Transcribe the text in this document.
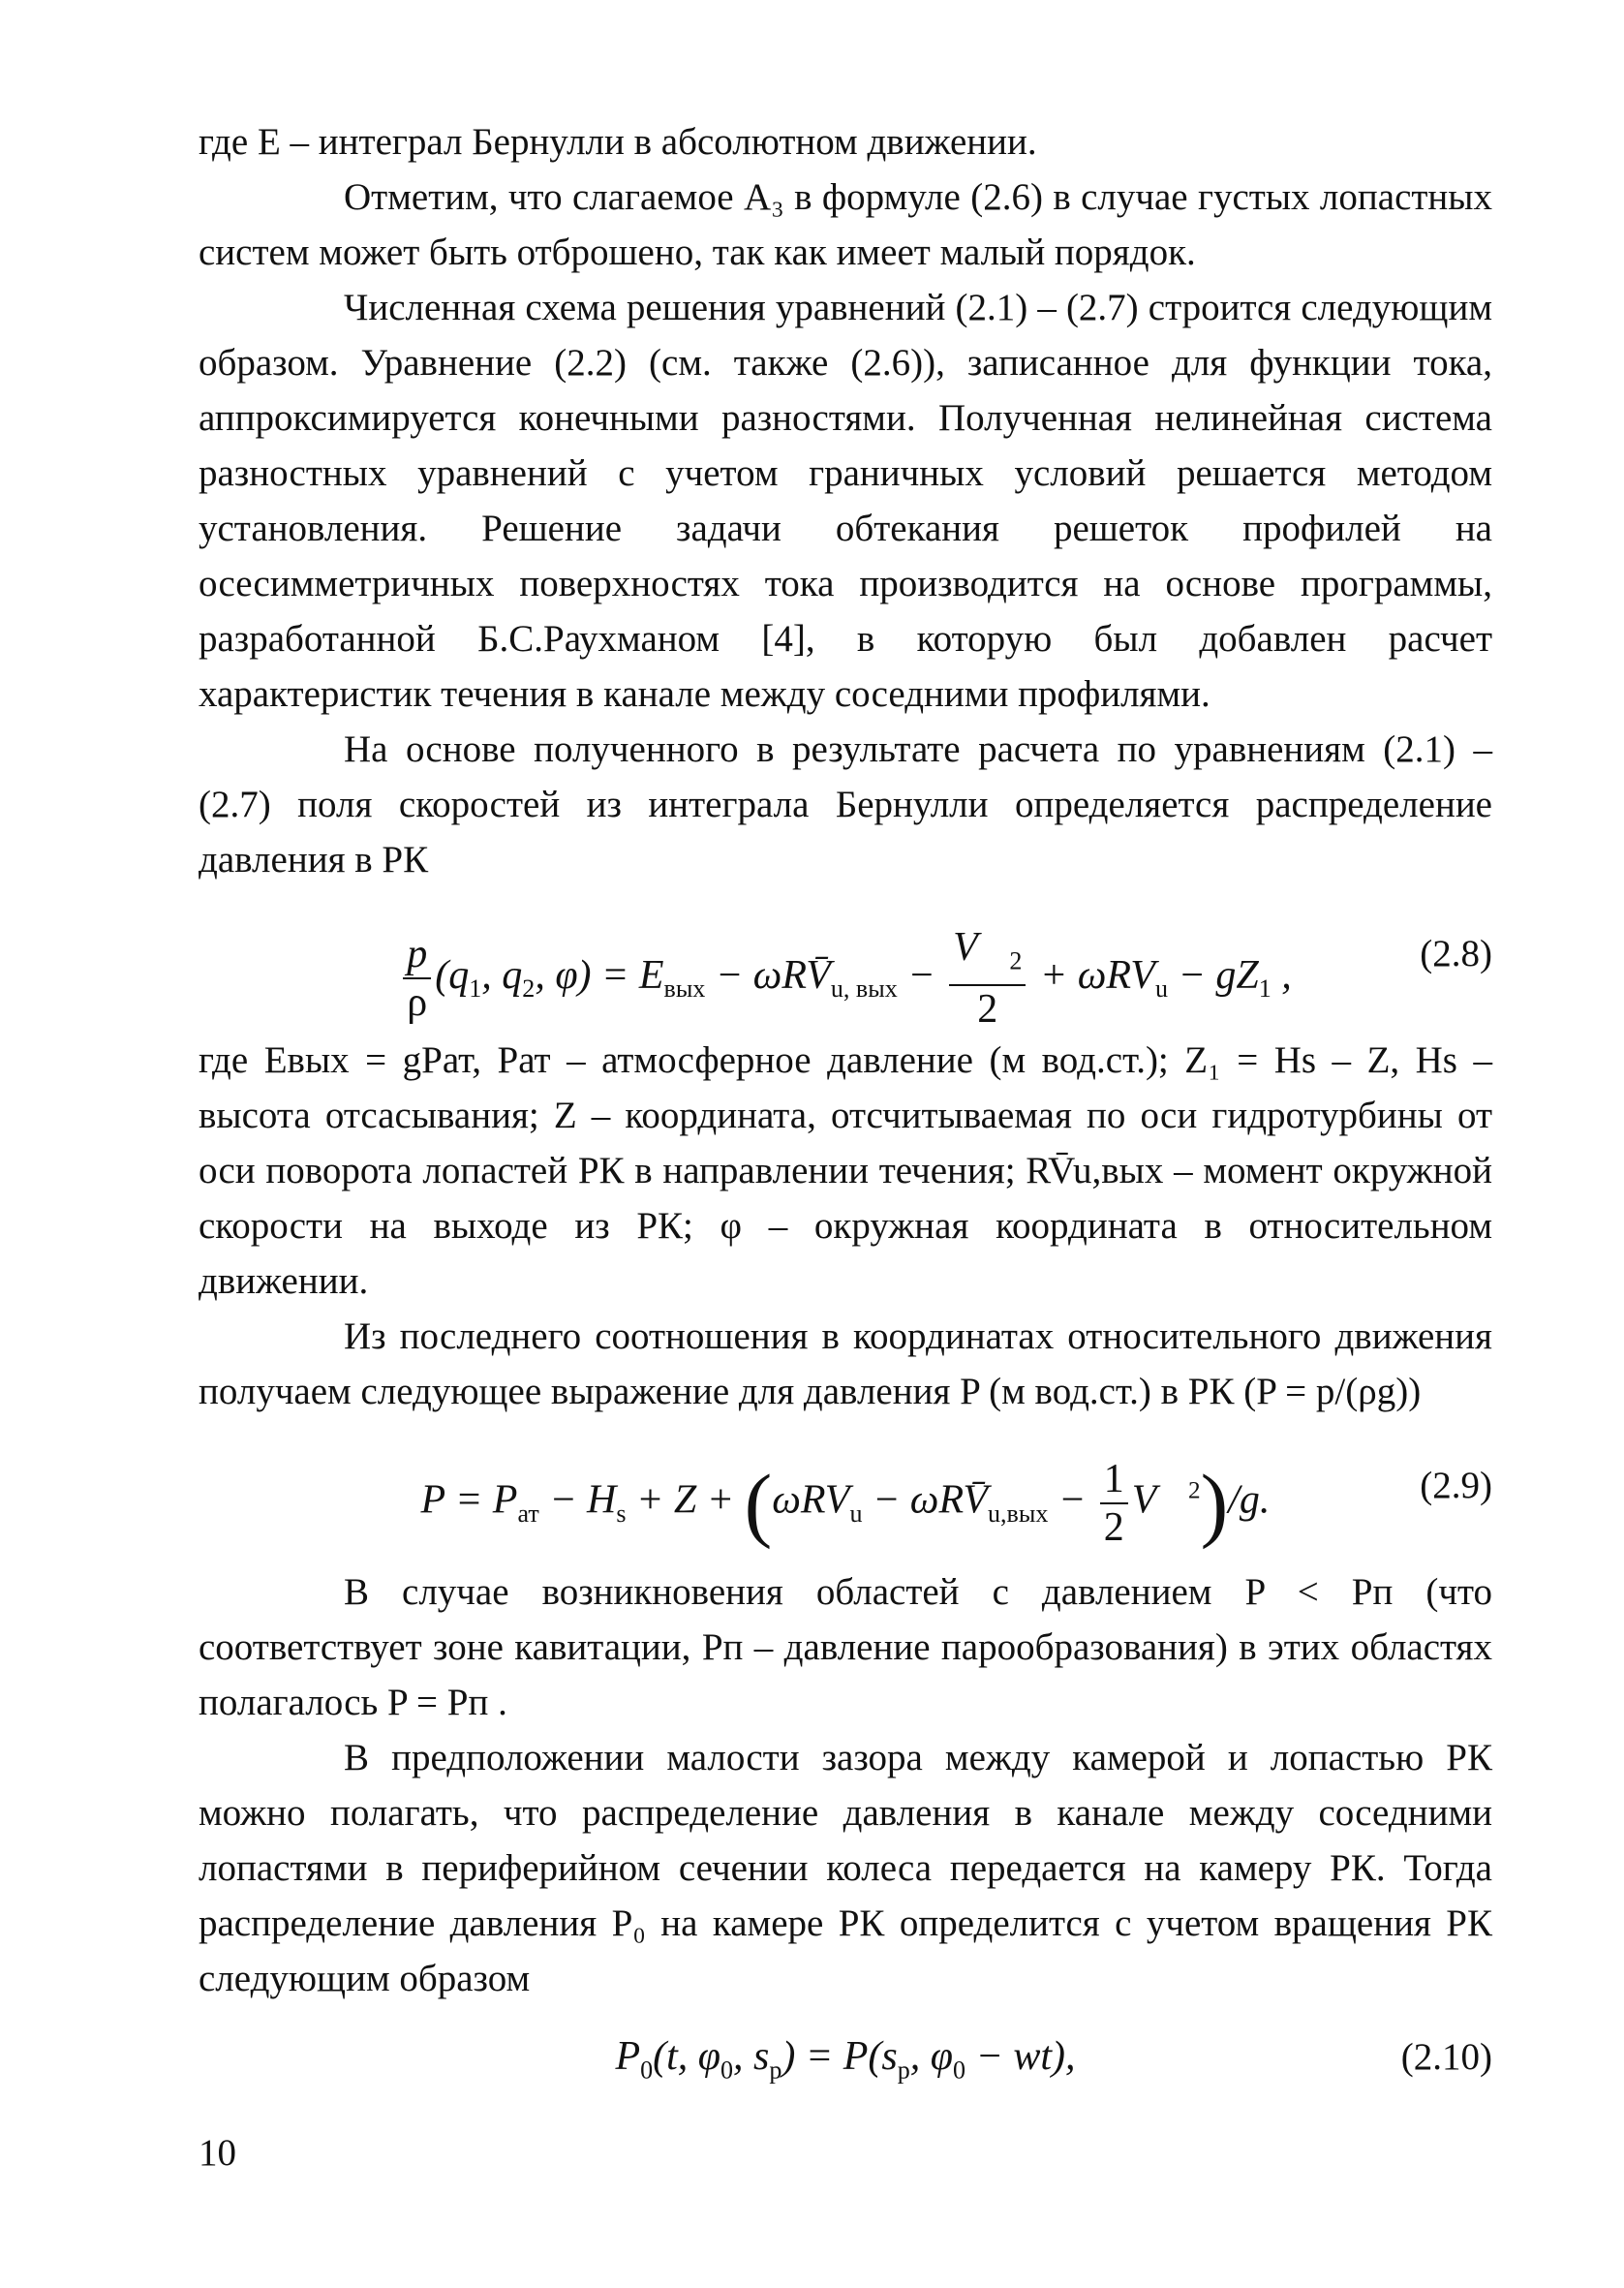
где E – интеграл Бернулли в абсолютном движении.

Отметим, что слагаемое A₃ в формуле (2.6) в случае густых лопастных систем может быть отброшено, так как имеет малый порядок.

Численная схема решения уравнений (2.1) – (2.7) строится следующим образом. Уравнение (2.2) (см. также (2.6)), записанное для функции тока, аппроксимируется конечными разностями. Полученная нелинейная система разностных уравнений с учетом граничных условий решается методом установления. Решение задачи обтекания решеток профилей на осесимметричных поверхностях тока производится на основе программы, разработанной Б.С.Раухманом [4], в которую был добавлен расчет характеристик течения в канале между соседними профилями.

На основе полученного в результате расчета по уравнениям (2.1) – (2.7) поля скоростей из интеграла Бернулли определяется распределение давления в РК

$\frac{p}{\rho} (q_1$, $q_2$, $\varphi) = E_{вых}$ − $\omega RV̄_{u, вых} - \frac{V⃗_2}{2} + \omega RV_u - gZ_1$ ,	(2.8)

где Eвых = gPат, Pат – атмосферное давление (м вод.ст.); Z₁ = Hs – Z, Hs – высота отсасывания; Z – координата, отсчитываемая по оси гидротурбины от оси поворота лопастей РК в направлении течения; RV̄u,вых – момент окружной скорости на выходе из РК; φ – окружная координата в относительном движении.

Из последнего соотношения в координатах относительного движения получаем следующее выражение для давления P (м вод.ст.) в РК (P = p/(ρg))

$P = P_{ат} - H_s + Z + (\omega RV_u$ − $\omega RV̄_{u,вых} - \frac{1}{2}$ V⃗$^2$)/g.	(2.9)

В случае возникновения областей с давлением P < Pп (что соответствует зоне кавитации, Pп – давление парообразования) в этих областях полагалось P = Pп .

В предположении малости зазора между камерой и лопастью РК можно полагать, что распределение давления в канале между соседними лопастями в периферийном сечении колеса передается на камеру РК. Тогда распределение давления P₀ на камере РК определится с учетом вращения РК следующим образом

$P_0(t$, $\varphi_0$, $s_р) = P(s_р$, $\varphi_0 - wt$),	(2.10)
10
